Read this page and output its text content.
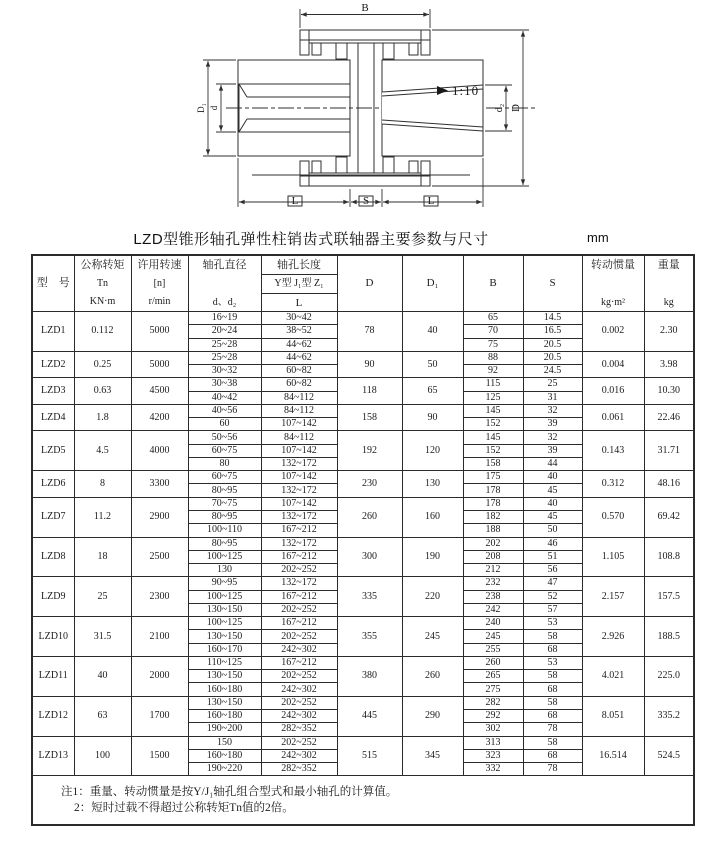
1:10
B
D
d₂
D₁ d
L	S	L
LZD型锥形轴孔弹性柱销齿式联轴器主要参数与尺寸	mm
型　号	
公称转矩
Tn
KN·m

许用转速
[n]
r/min

轴孔直径
d、d₂

轴孔长度
Y型 J₁型 Z₁
L
	D	D₁	B	S	
转动惯量
kg·m²

重量
kg

LZD1	0.112	5000	16~19	30~42	78	40	65	14.5	0.002	2.30
			20~24	38~52			70	16.5		
			25~28	44~62			75	20.5		
LZD2	0.25	5000	25~28	44~62	90	50	88	20.5	0.004	3.98
			30~32	60~82			92	24.5		
LZD3	0.63	4500	30~38	60~82	118	65	115	25	0.016	10.30
			40~42	84~112			125	31		
LZD4	1.8	4200	40~56	84~112	158	90	145	32	0.061	22.46
			60	107~142			152	39		
LZD5	4.5	4000	50~56	84~112	192	120	145	32	0.143	31.71
			60~75	107~142			152	39		
			80	132~172			158	44		
LZD6	8	3300	60~75	107~142	230	130	175	40	0.312	48.16
			80~95	132~172			178	45		
LZD7	11.2	2900	70~75	107~142	260	160	178	40	0.570	69.42
			80~95	132~172			182	45		
			100~110	167~212			188	50		
LZD8	18	2500	80~95	132~172	300	190	202	46	1.105	108.8
			100~125	167~212			208	51		
			130	202~252			212	56		
LZD9	25	2300	90~95	132~172	335	220	232	47	2.157	157.5
			100~125	167~212			238	52		
			130~150	202~252			242	57		
LZD10	31.5	2100	100~125	167~212	355	245	240	53	2.926	188.5
			130~150	202~252			245	58		
			160~170	242~302			255	68		
LZD11	40	2000	110~125	167~212	380	260	260	53	4.021	225.0
			130~150	202~252			265	58		
			160~180	242~302			275	68		
LZD12	63	1700	130~150	202~252	445	290	282	58	8.051	335.2
			160~180	242~302			292	68		
			190~200	282~352			302	78		
LZD13	100	1500	150	202~252	515	345	313	58	16.514	524.5
			160~180	242~302			323	68		
			190~220	282~352			332	78		

注1：重量、转动惯量是按Y/J₁轴孔组合型式和最小轴孔的计算值。
2：短时过载不得超过公称转矩Tn值的2倍。										
